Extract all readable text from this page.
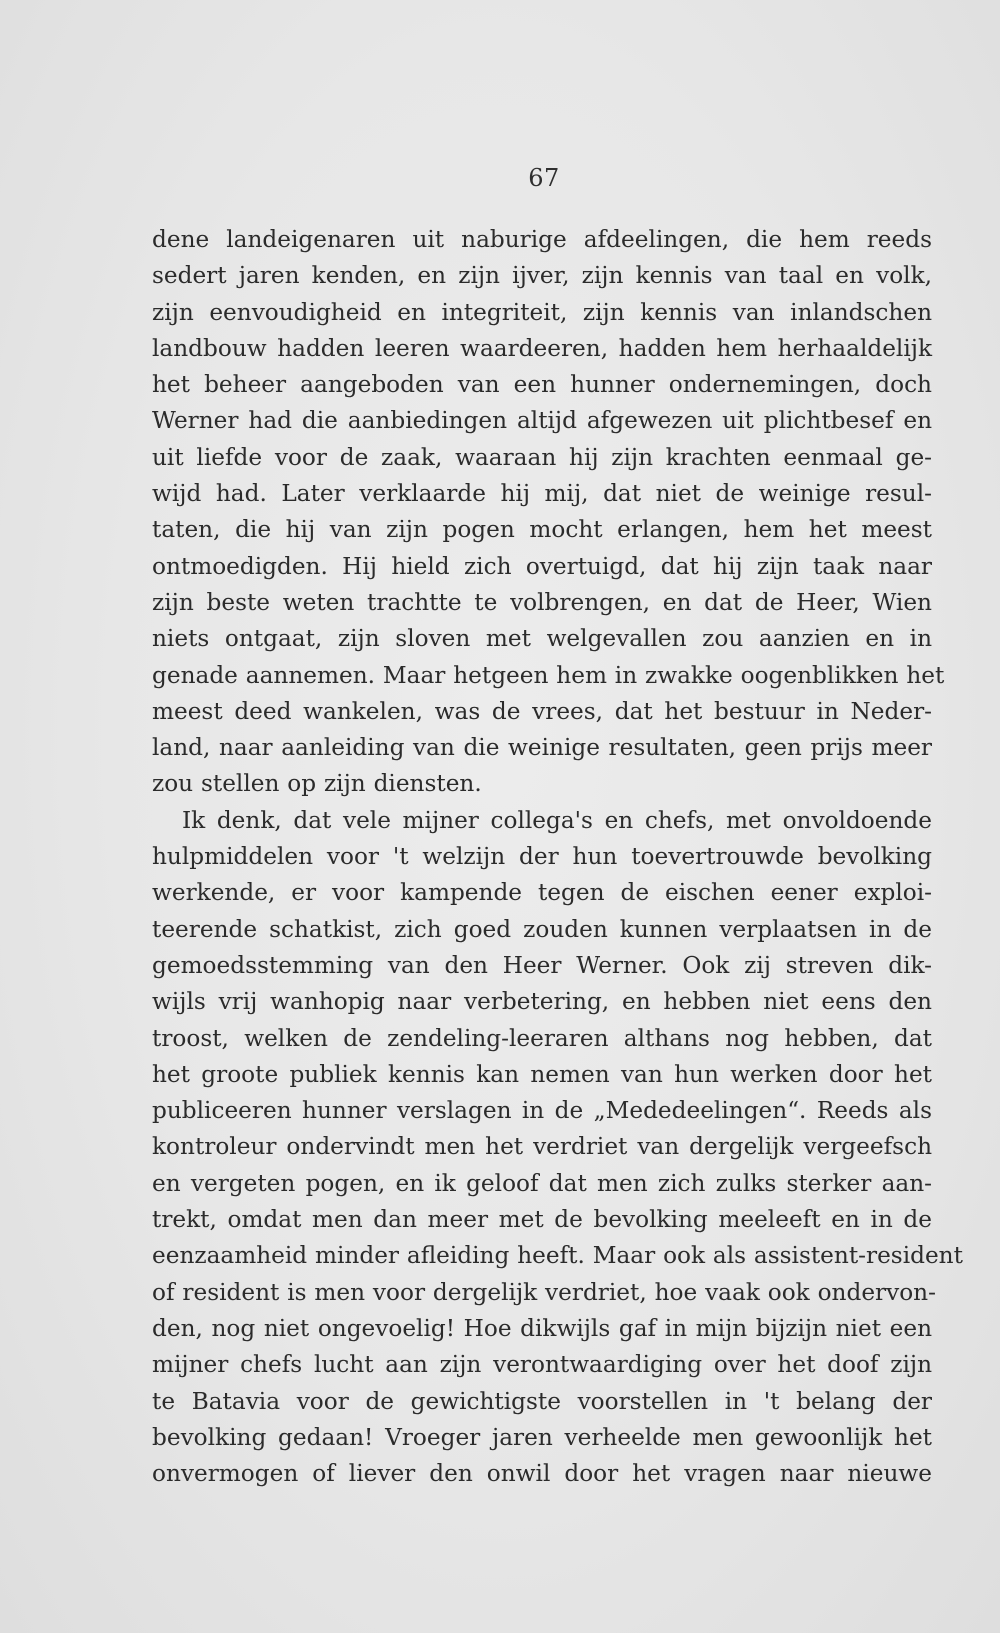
67
dene landeigenaren uit naburige afdeelingen, die hem reeds
sedert jaren kenden, en zijn ijver, zijn kennis van taal en volk,
zijn eenvoudigheid en integriteit, zijn kennis van inlandschen
landbouw hadden leeren waardeeren, hadden hem herhaaldelijk
het beheer aangeboden van een hunner ondernemingen, doch
Werner had die aanbiedingen altijd afgewezen uit plichtbesef en
uit liefde voor de zaak, waaraan hij zijn krachten eenmaal ge-
wijd had. Later verklaarde hij mij, dat niet de weinige resul-
taten, die hij van zijn pogen mocht erlangen, hem het meest
ontmoedigden. Hij hield zich overtuigd, dat hij zijn taak naar
zijn beste weten trachtte te volbrengen, en dat de Heer, Wien
niets ontgaat, zijn sloven met welgevallen zou aanzien en in
genade aannemen. Maar hetgeen hem in zwakke oogenblikken het
meest deed wankelen, was de vrees, dat het bestuur in Neder-
land, naar aanleiding van die weinige resultaten, geen prijs meer
zou stellen op zijn diensten.
Ik denk, dat vele mijner collega's en chefs, met onvoldoende
hulpmiddelen voor 't welzijn der hun toevertrouwde bevolking
werkende, er voor kampende tegen de eischen eener exploi-
teerende schatkist, zich goed zouden kunnen verplaatsen in de
gemoedsstemming van den Heer Werner. Ook zij streven dik-
wijls vrij wanhopig naar verbetering, en hebben niet eens den
troost, welken de zendeling-leeraren althans nog hebben, dat
het groote publiek kennis kan nemen van hun werken door het
publiceeren hunner verslagen in de „Mededeelingen“. Reeds als
kontroleur ondervindt men het verdriet van dergelijk vergeefsch
en vergeten pogen, en ik geloof dat men zich zulks sterker aan-
trekt, omdat men dan meer met de bevolking meeleeft en in de
eenzaamheid minder afleiding heeft. Maar ook als assistent-resident
of resident is men voor dergelijk verdriet, hoe vaak ook ondervon-
den, nog niet ongevoelig! Hoe dikwijls gaf in mijn bijzijn niet een
mijner chefs lucht aan zijn verontwaardiging over het doof zijn
te Batavia voor de gewichtigste voorstellen in 't belang der
bevolking gedaan! Vroeger jaren verheelde men gewoonlijk het
onvermogen of liever den onwil door het vragen naar nieuwe
